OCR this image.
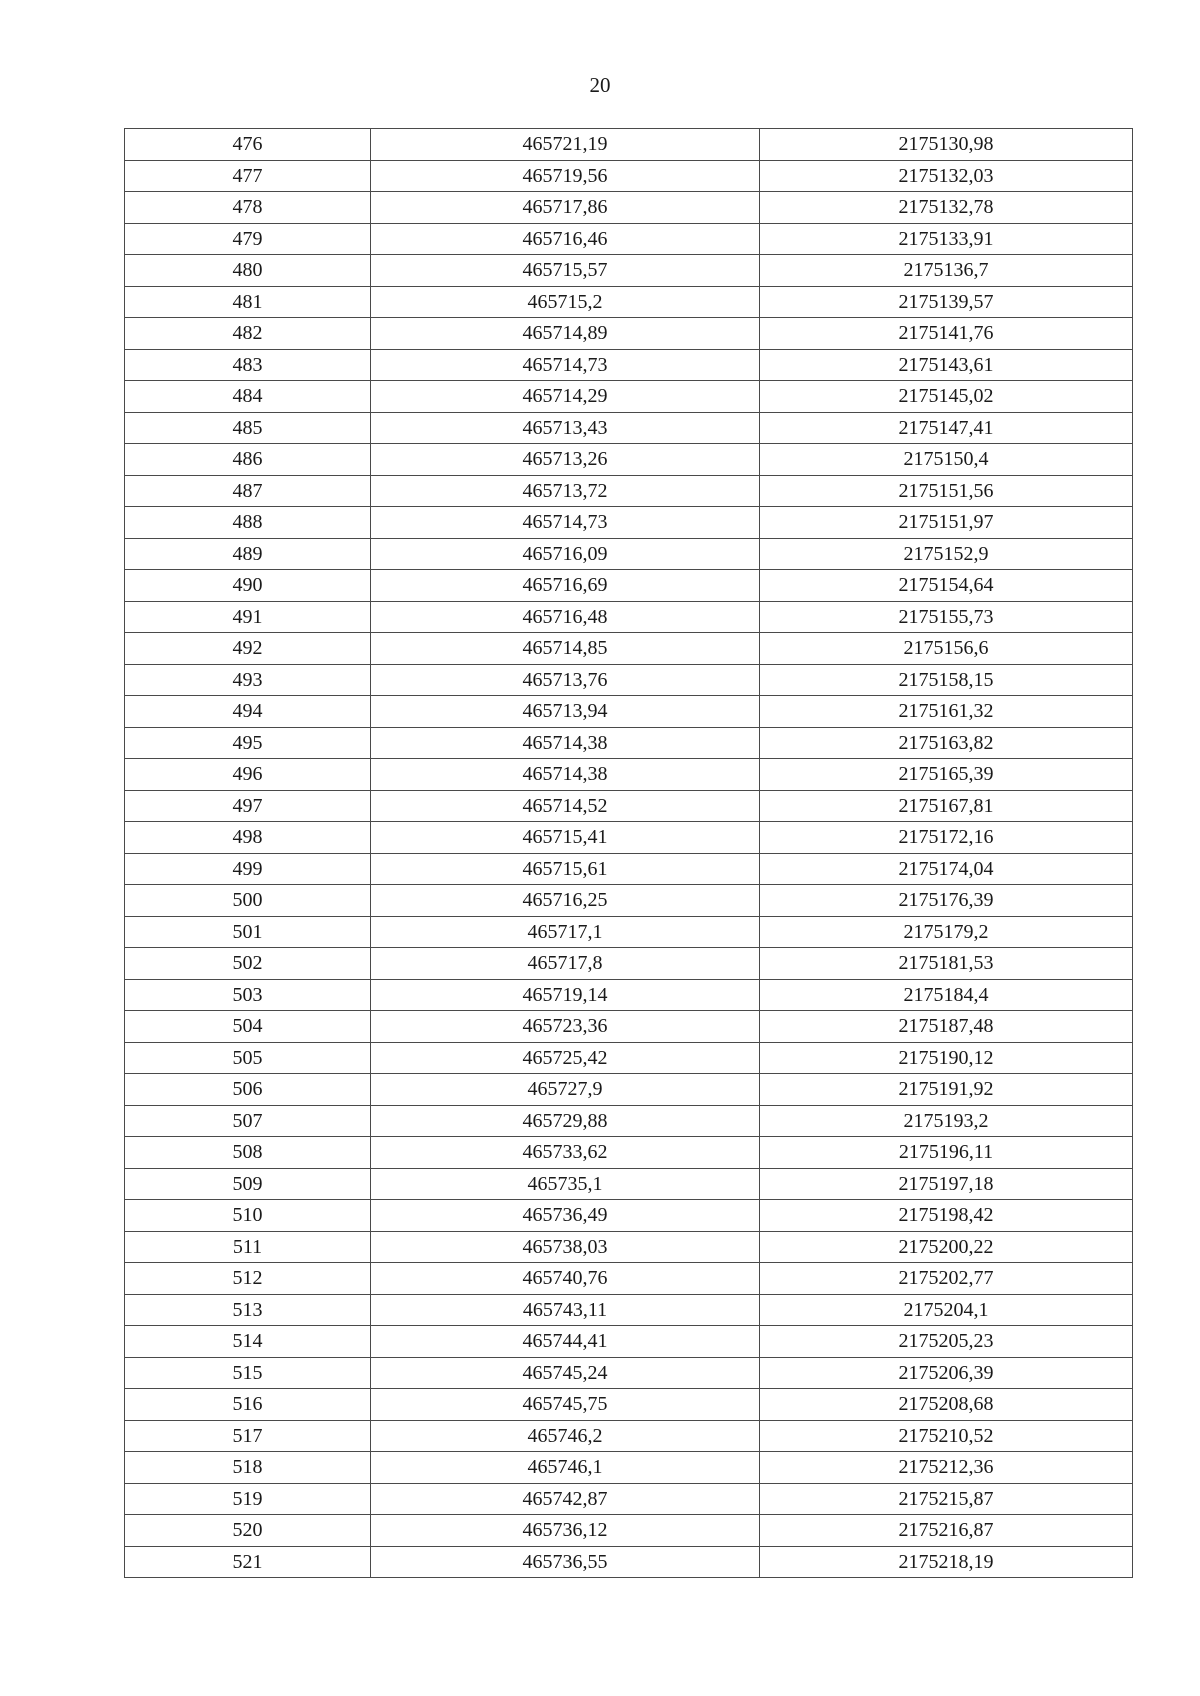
20
476	465721,19	2175130,98
477	465719,56	2175132,03
478	465717,86	2175132,78
479	465716,46	2175133,91
480	465715,57	2175136,7
481	465715,2	2175139,57
482	465714,89	2175141,76
483	465714,73	2175143,61
484	465714,29	2175145,02
485	465713,43	2175147,41
486	465713,26	2175150,4
487	465713,72	2175151,56
488	465714,73	2175151,97
489	465716,09	2175152,9
490	465716,69	2175154,64
491	465716,48	2175155,73
492	465714,85	2175156,6
493	465713,76	2175158,15
494	465713,94	2175161,32
495	465714,38	2175163,82
496	465714,38	2175165,39
497	465714,52	2175167,81
498	465715,41	2175172,16
499	465715,61	2175174,04
500	465716,25	2175176,39
501	465717,1	2175179,2
502	465717,8	2175181,53
503	465719,14	2175184,4
504	465723,36	2175187,48
505	465725,42	2175190,12
506	465727,9	2175191,92
507	465729,88	2175193,2
508	465733,62	2175196,11
509	465735,1	2175197,18
510	465736,49	2175198,42
511	465738,03	2175200,22
512	465740,76	2175202,77
513	465743,11	2175204,1
514	465744,41	2175205,23
515	465745,24	2175206,39
516	465745,75	2175208,68
517	465746,2	2175210,52
518	465746,1	2175212,36
519	465742,87	2175215,87
520	465736,12	2175216,87
521	465736,55	2175218,19
